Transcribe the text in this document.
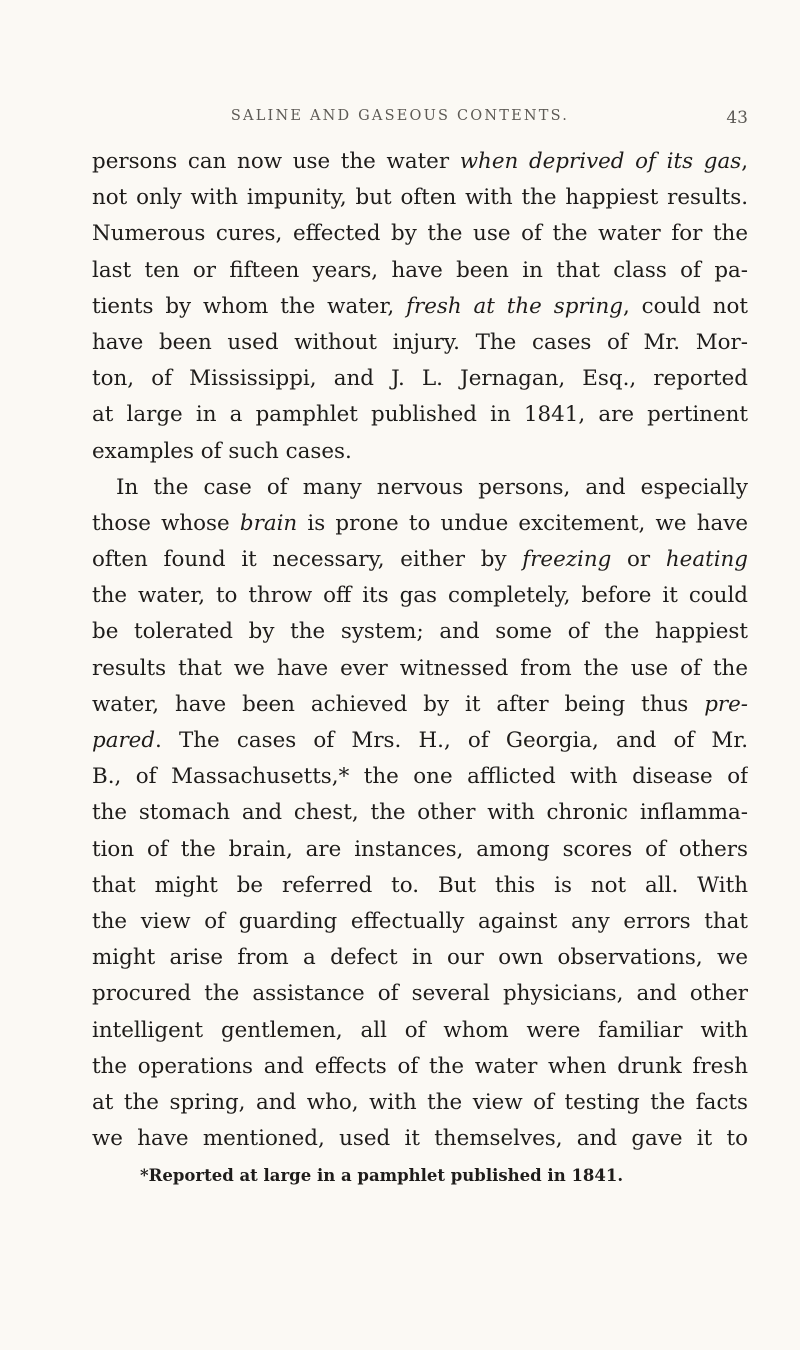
SALINE AND GASEOUS CONTENTS.	43
persons can now use the water when deprived of its gas,
not only with impunity, but often with the happiest results.
Numerous cures, effected by the use of the water for the
last ten or fifteen years, have been in that class of pa-
tients by whom the water, fresh at the spring, could not
have been used without injury. The cases of Mr. Mor-
ton, of Mississippi, and J. L. Jernagan, Esq., reported
at large in a pamphlet published in 1841, are pertinent
examples of such cases.
In the case of many nervous persons, and especially
those whose brain is prone to undue excitement, we have
often found it necessary, either by freezing or heating
the water, to throw off its gas completely, before it could
be tolerated by the system; and some of the happiest
results that we have ever witnessed from the use of the
water, have been achieved by it after being thus pre-
pared. The cases of Mrs. H., of Georgia, and of Mr.
B., of Massachusetts,* the one afflicted with disease of
the stomach and chest, the other with chronic inflamma-
tion of the brain, are instances, among scores of others
that might be referred to. But this is not all. With
the view of guarding effectually against any errors that
might arise from a defect in our own observations, we
procured the assistance of several physicians, and other
intelligent gentlemen, all of whom were familiar with
the operations and effects of the water when drunk fresh
at the spring, and who, with the view of testing the facts
we have mentioned, used it themselves, and gave it to
*Reported at large in a pamphlet published in 1841.
